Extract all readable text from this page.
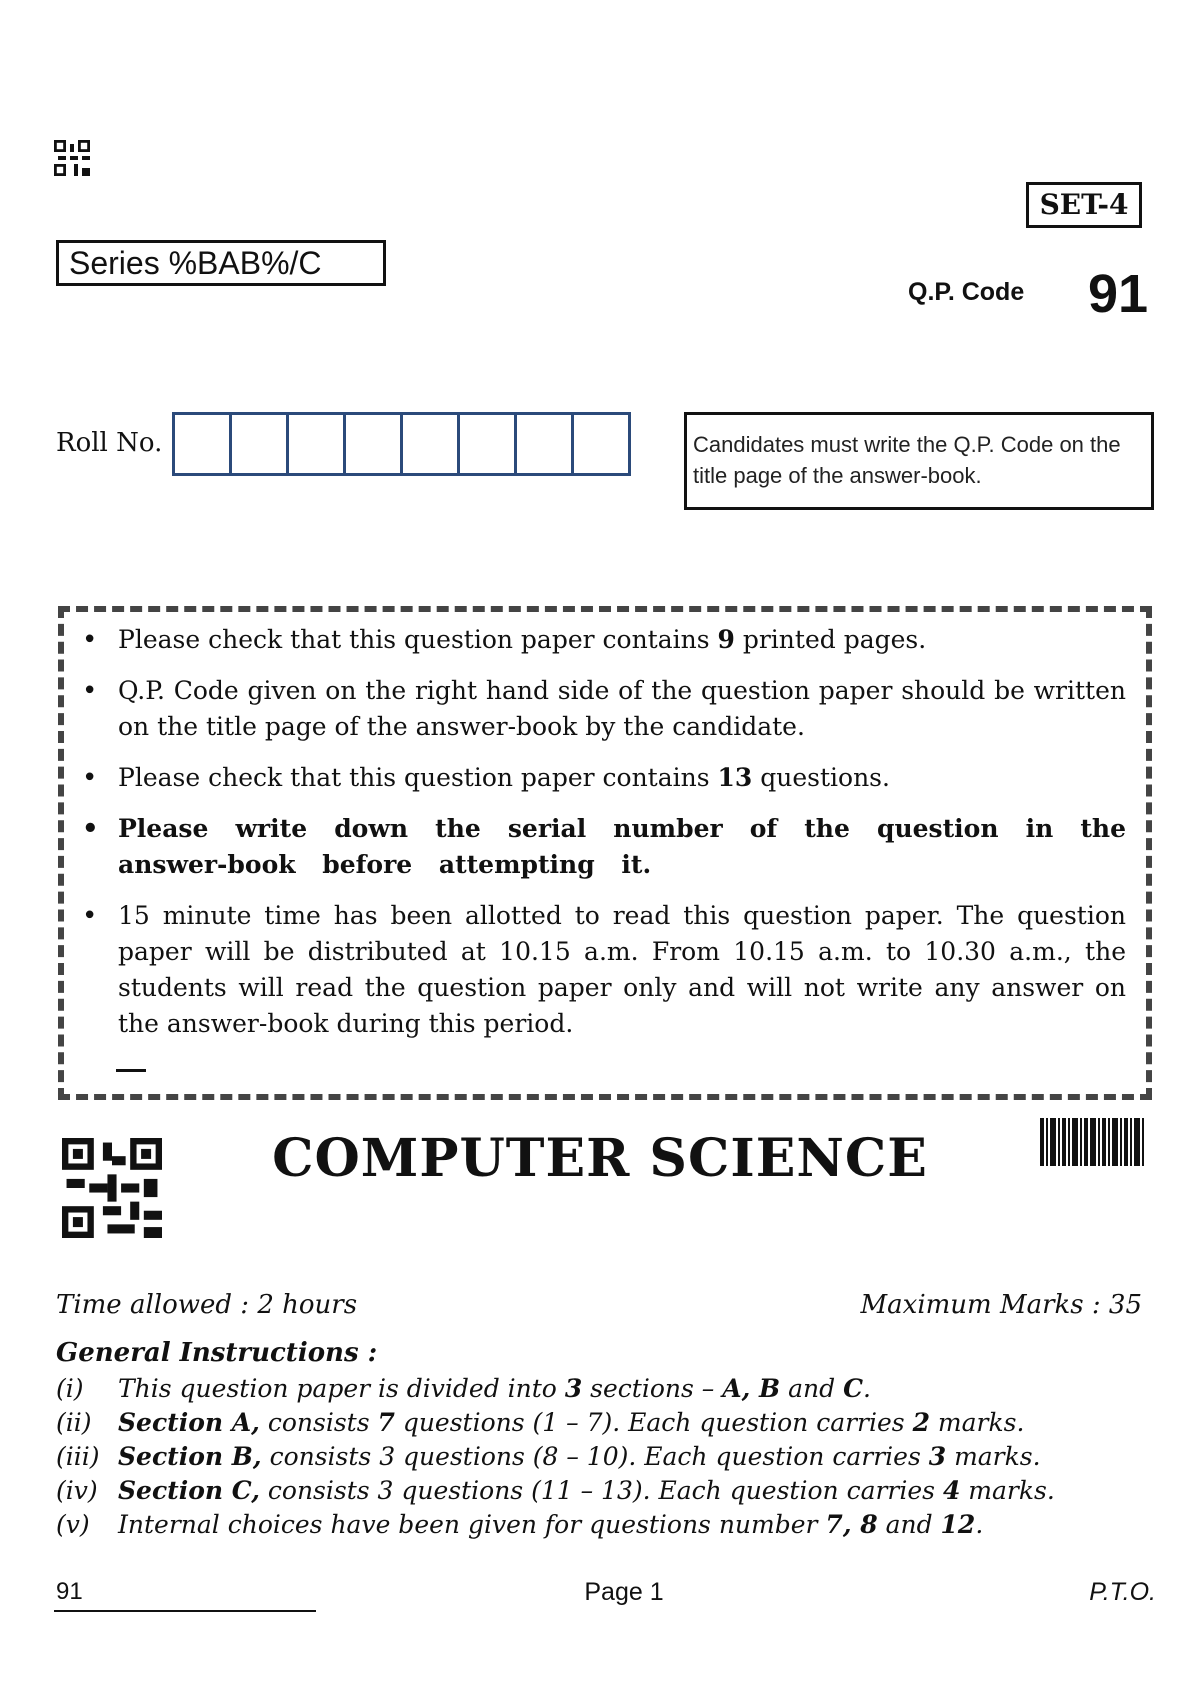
SET-4
Series %BAB%/C
Q.P. Code 91
Roll No.	Candidates must write the Q.P. Code on the title page of the answer-book.
• Please check that this question paper contains 9 printed pages.
• Q.P. Code given on the right hand side of the question paper should be written on the title page of the answer-book by the candidate.
• Please check that this question paper contains 13 questions.
• Please write down the serial number of the question in the answer-book before attempting it.
• 15 minute time has been allotted to read this question paper. The question paper will be distributed at 10.15 a.m. From 10.15 a.m. to 10.30 a.m., the students will read the question paper only and will not write any answer on the answer-book during this period.
COMPUTER SCIENCE
Time allowed : 2 hours	Maximum Marks : 35
General Instructions :
(i)	This question paper is divided into 3 sections – A, B and C.
(ii)	Section A, consists 7 questions (1 – 7). Each question carries 2 marks.
(iii) Section B, consists 3 questions (8 – 10). Each question carries 3 marks.
(iv) Section C, consists 3 questions (11 – 13). Each question carries 4 marks.
(v)	Internal choices have been given for questions number 7, 8 and 12.
91	Page 1	P.T.O.
